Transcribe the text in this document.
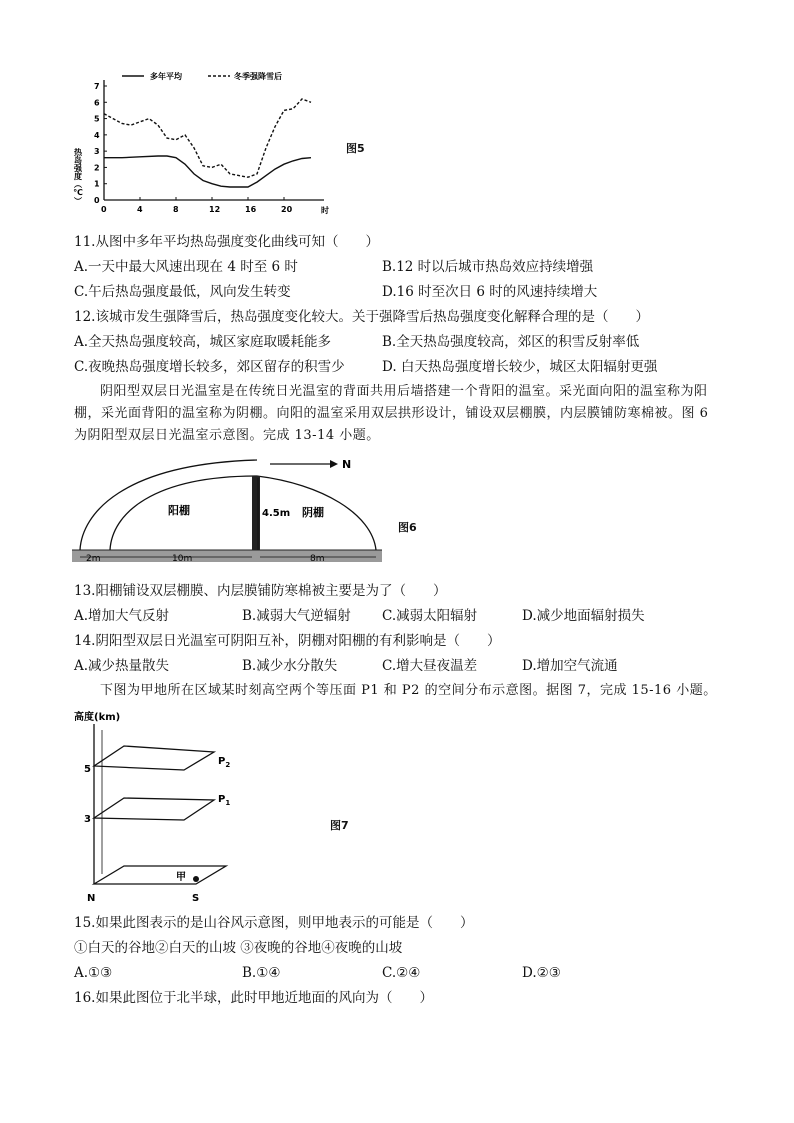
0
1
2
3
4
5
6
7
0	4	8	12	16	20
多年平均	冬季强降雪后
热岛强度（℃）
时
图5
11.从图中多年平均热岛强度变化曲线可知（　　）
A.一天中最大风速出现在 4 时至 6 时	B.12 时以后城市热岛效应持续增强
C.午后热岛强度最低，风向发生转变	D.16 时至次日 6 时的风速持续增大
12.该城市发生强降雪后，热岛强度变化较大。关于强降雪后热岛强度变化解释合理的是（　　）
A.全天热岛强度较高，城区家庭取暖耗能多	B.全天热岛强度较高，郊区的积雪反射率低
C.夜晚热岛强度增长较多，郊区留存的积雪少	D. 白天热岛强度增长较少，城区太阳辐射更强
阴阳型双层日光温室是在传统日光温室的背面共用后墙搭建一个背阳的温室。采光面向阳的温室称为阳棚，采光面背阳的温室称为阴棚。向阳的温室采用双层拱形设计，铺设双层棚膜，内层膜铺防寒棉被。图 6 为阴阳型双层日光温室示意图。完成 13-14 小题。
N
阳棚	阴棚
4.5m
2m	10m	8m
图6
13.阳棚铺设双层棚膜、内层膜铺防寒棉被主要是为了（　　）
A.增加大气反射	B.减弱大气逆辐射 C.减弱太阳辐射	D.减少地面辐射损失
14.阴阳型双层日光温室可阴阳互补，阴棚对阳棚的有利影响是（　　）
A.减少热量散失	B.减少水分散失	C.增大昼夜温差	D.增加空气流通
下图为甲地所在区域某时刻高空两个等压面 P1 和 P2 的空间分布示意图。据图 7，完成 15-16 小题。
高度(km)
N	S
甲
5
3
$P_2$
$P_1$
图7
15.如果此图表示的是山谷风示意图，则甲地表示的可能是（　　）
①白天的谷地②白天的山坡 ③夜晚的谷地④夜晚的山坡
A.①③	B.①④	C.②④	D.②③
16.如果此图位于北半球，此时甲地近地面的风向为（　　）
